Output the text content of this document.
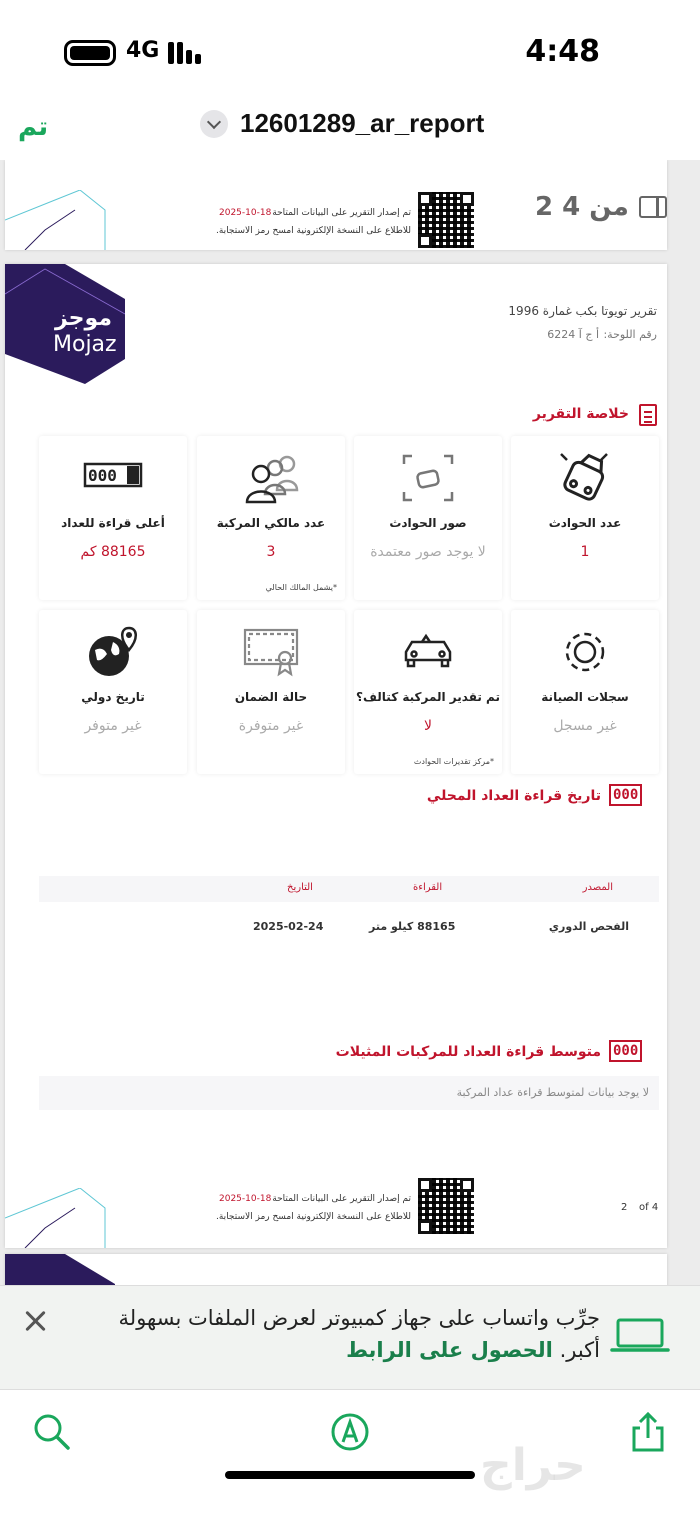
4G	4:48
تم	12601289_ar_report
2025-10-18 تم إصدار التقرير على البيانات المتاحة
للاطلاع على النسخة الإلكترونية امسح رمز الاستجابة.
2 من 4
موجز
Mojaz
تقرير تويوتا بكب غمارة 1996
رقم اللوحة:
أ ج آ 6224
خلاصة التقرير
عدد الحوادث
1
صور الحوادث
لا يوجد صور معتمدة
عدد مالكي المركبة
3
*يشمل المالك الحالي
000
أعلى قراءة للعداد
88165 كم
سجلات الصيانة
غير مسجل
تم تقدير المركبة كتالف؟
لا
*مركز تقديرات الحوادث
حالة الضمان
غير متوفرة
تاريخ دولي
غير متوفر
000
تاريخ قراءة العداد المحلي
المصدر
القراءة
التاريخ
الفحص الدوري
88165 كيلو متر
2025-02-24
000
متوسط قراءة العداد للمركبات المثيلات
لا يوجد بيانات لمتوسط قراءة عداد المركبة
2025-10-18 تم إصدار التقرير على البيانات المتاحة
للاطلاع على النسخة الإلكترونية امسح رمز الاستجابة.
2 of 4
جرِّب واتساب على جهاز كمبيوتر لعرض الملفات بسهولة أكبر. الحصول على الرابط
حراج
